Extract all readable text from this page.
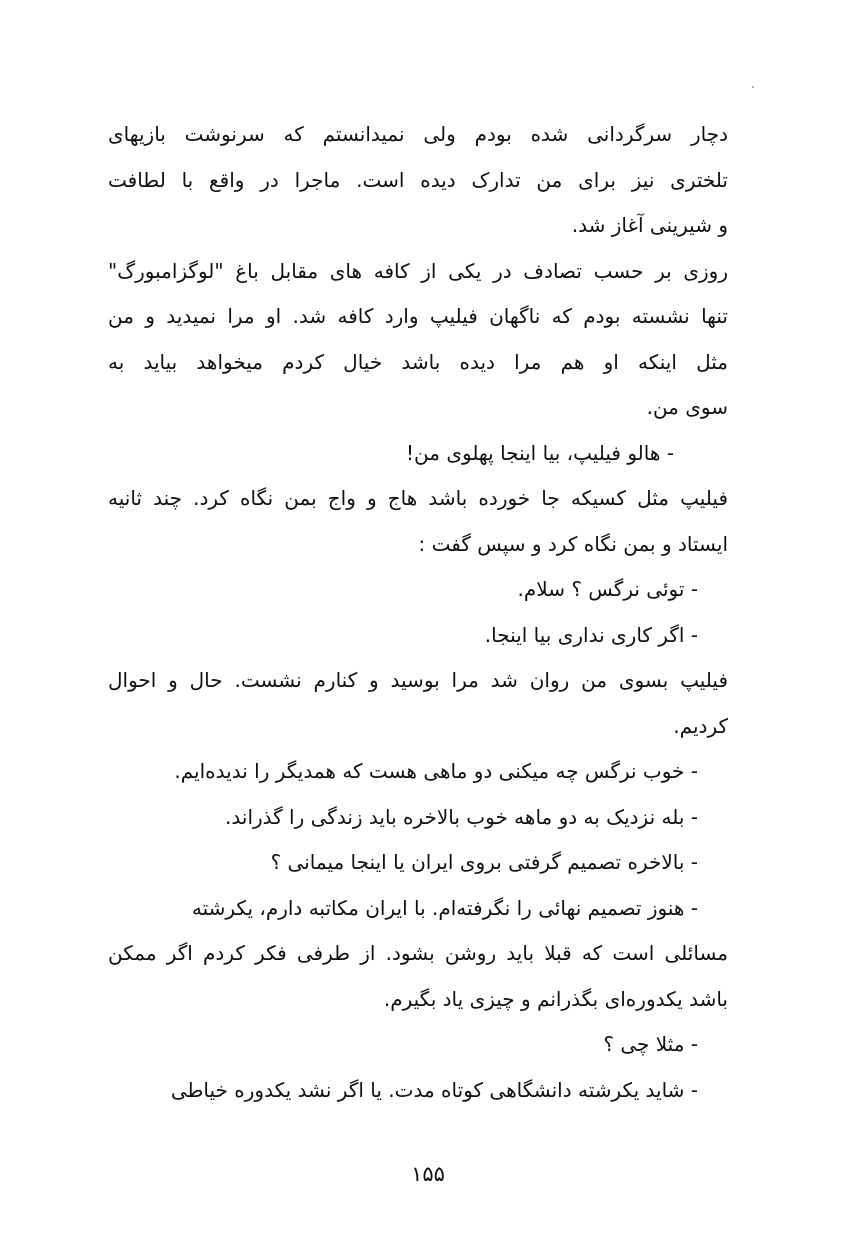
دچار سرگردانی شده بودم ولی نمیدانستم که سرنوشت بازیهای
تلختری نیز برای من تدارک دیده است. ماجرا در واقع با لطافت
و شیرینی آغاز شد.
روزی بر حسب تصادف در یکی از کافه های مقابل باغ "لوگزامبورگ"
تنها نشسته بودم که ناگهان فیلیپ وارد کافه شد. او مرا نمیدید و من
مثل اینکه او هم مرا دیده باشد خیال کردم میخواهد بیاید به
سوی من.
- هالو فیلیپ، بیا اینجا پهلوی من!
فیلیپ مثل کسیکه جا خورده باشد هاج و واج بمن نگاه کرد. چند ثانیه
ایستاد و بمن نگاه کرد و سپس گفت :
- توئی نرگس ؟ سلام.
- اگر کاری نداری بیا اینجا.
فیلیپ بسوی من روان شد مرا بوسید و کنارم نشست. حال و احوال
کردیم.
- خوب نرگس چه میکنی دو ماهی هست که همدیگر را ندیده‌ایم.
- بله نزدیک به دو ماهه خوب بالاخره باید زندگی را گذراند.
- بالاخره تصمیم گرفتی بروی ایران یا اینجا میمانی ؟
- هنوز تصمیم نهائی را نگرفته‌ام. با ایران مکاتبه دارم، یکرشته
مسائلی است که قبلا باید روشن بشود. از طرفی فکر کردم اگر ممکن
باشد یکدوره‌ای بگذرانم و چیزی یاد بگیرم.
- مثلا چی ؟
- شاید یکرشته دانشگاهی کوتاه مدت. یا اگر نشد یکدوره خیاطی
۱۵۵
